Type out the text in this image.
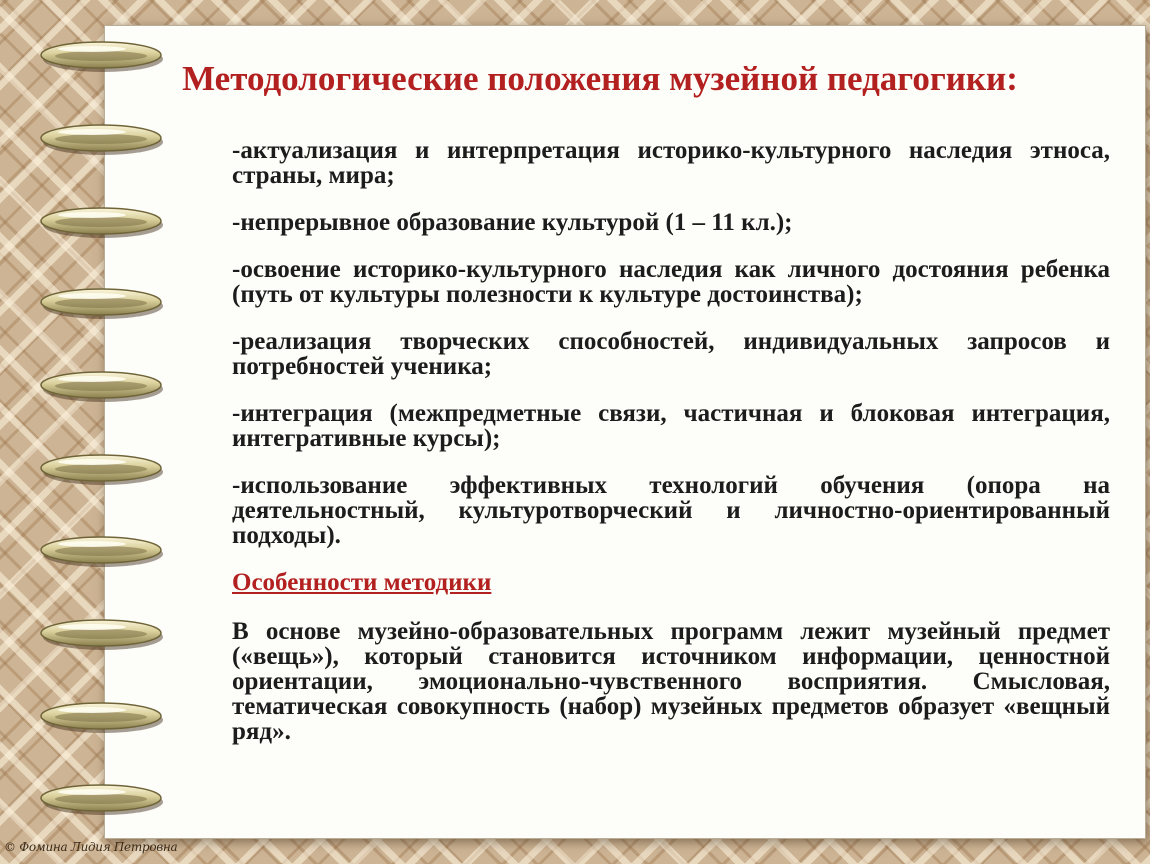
Методологические положения музейной педагогики:

-актуализация и интерпретация историко-культурного наследия этноса, страны, мира;

-непрерывное образование культурой (1 – 11 кл.);

-освоение историко-культурного наследия как личного достояния ребенка (путь от культуры полезности к культуре достоинства);

-реализация творческих способностей, индивидуальных запросов и потребностей ученика;

-интеграция (межпредметные связи, частичная и блоковая интеграция, интегративные курсы);

-использование эффективных технологий обучения (опора на деятельностный, культуротворческий и личностно-ориентированный подходы).

Особенности методики

В основе музейно-образовательных программ лежит музейный предмет («вещь»), который становится источником информации, ценностной ориентации, эмоционально-чувственного восприятия. Смысловая, тематическая совокупность (набор) музейных предметов образует «вещный ряд».

© Фомина Лидия Петровна
